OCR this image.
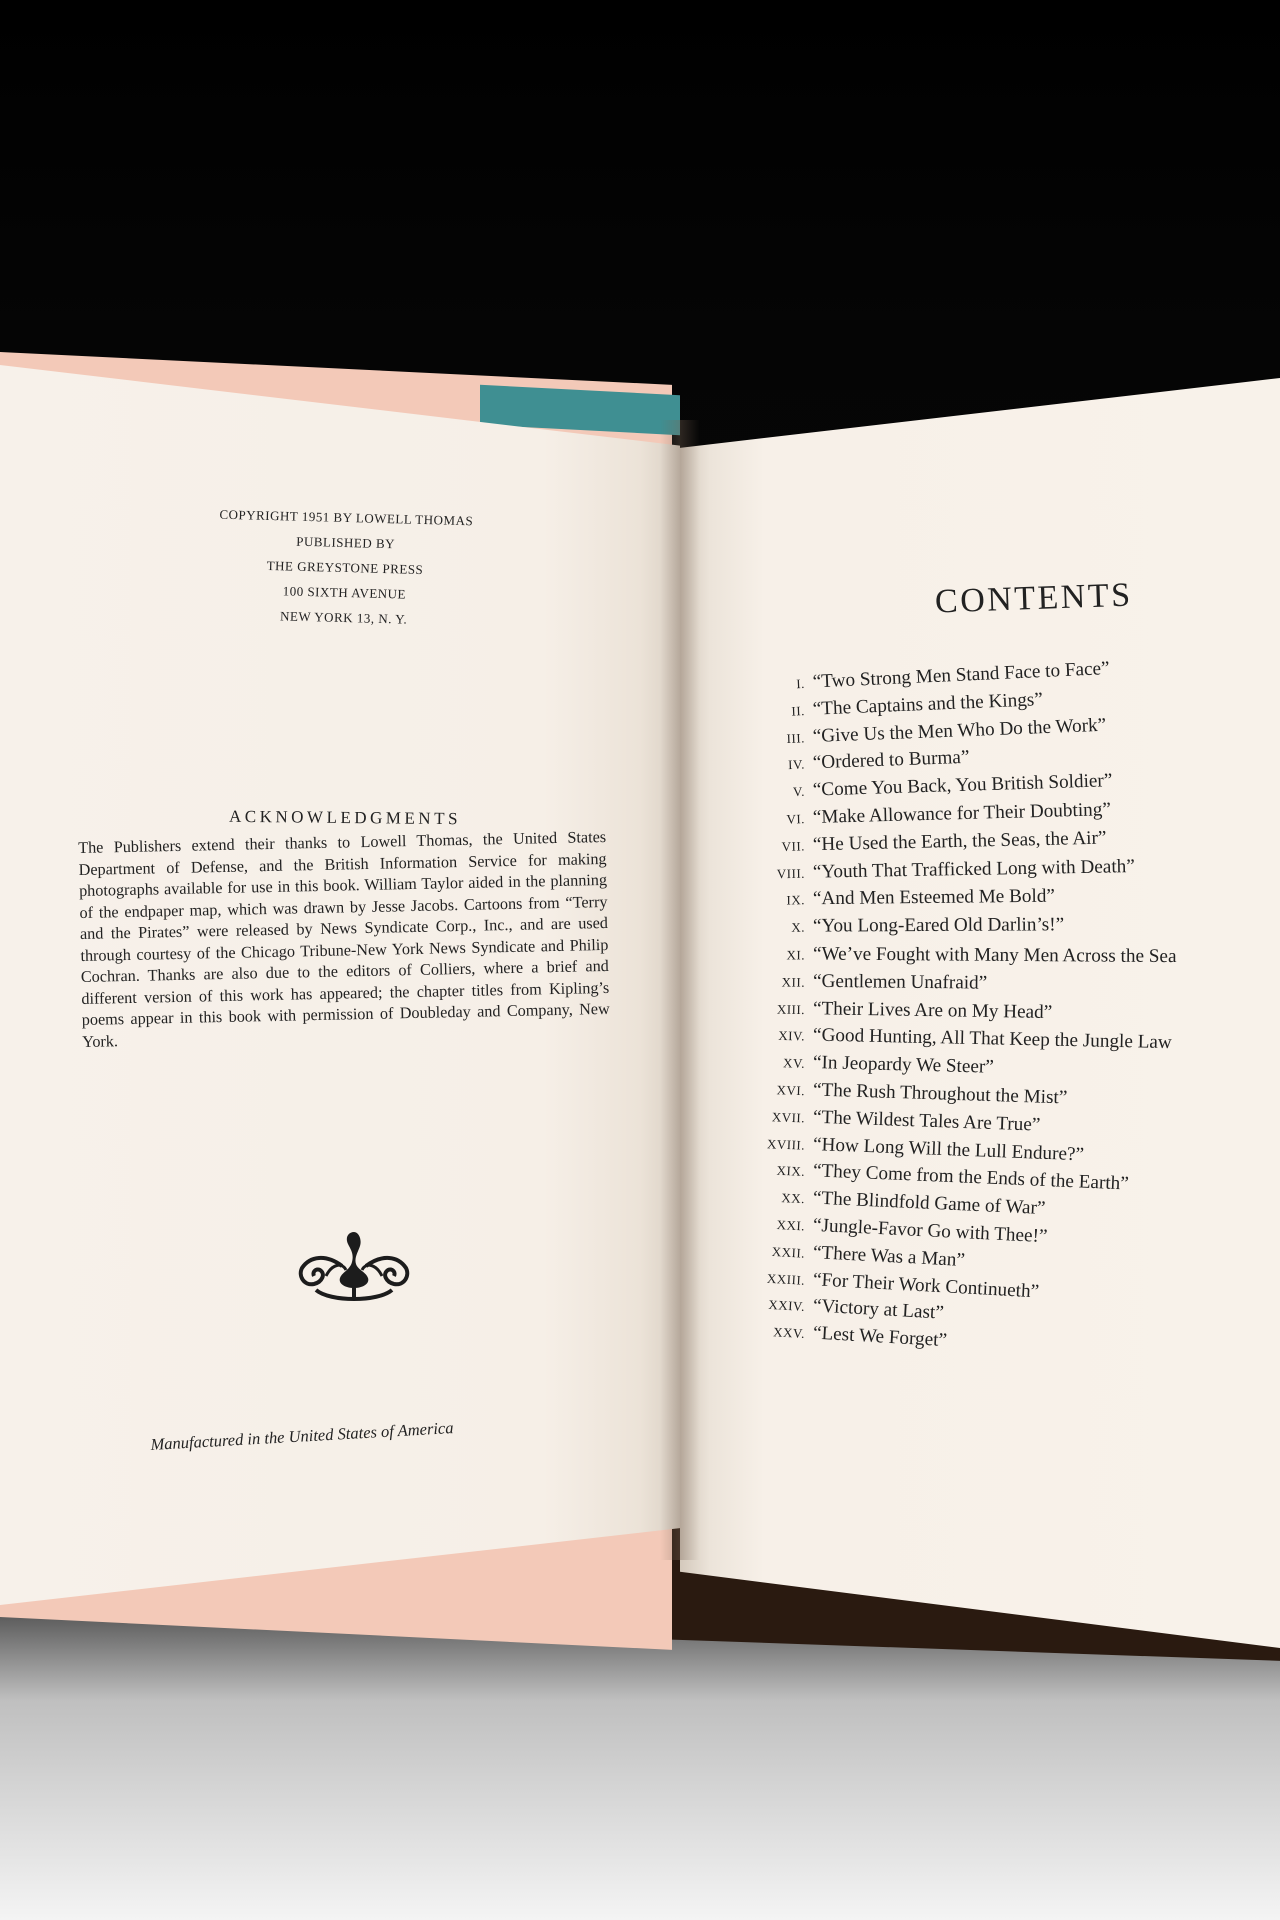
COPYRIGHT 1951 BY LOWELL THOMAS
PUBLISHED BY
THE GREYSTONE PRESS
100 SIXTH AVENUE
NEW YORK 13, N. Y.
ACKNOWLEDGMENTS
The Publishers extend their thanks to Lowell Thomas, the United States Department of Defense, and the British Information Service for making photographs available for use in this book. William Taylor aided in the planning of the endpaper map, which was drawn by Jesse Jacobs. Cartoons from “Terry and the Pirates” were released by News Syndicate Corp., Inc., and are used through courtesy of the Chicago Tribune-New York News Syndicate and Philip Cochran. Thanks are also due to the editors of Colliers, where a brief and different version of this work has appeared; the chapter titles from Kipling’s poems appear in this book with permission of Doubleday and Company, New York.
Manufactured in the United States of America
CONTENTS
I. “Two Strong Men Stand Face to Face”
II. “The Captains and the Kings”
III. “Give Us the Men Who Do the Work”
IV. “Ordered to Burma”
V. “Come You Back, You British Soldier”
VI. “Make Allowance for Their Doubting”
VII. “He Used the Earth, the Seas, the Air”
VIII. “Youth That Trafficked Long with Death”
IX. “And Men Esteemed Me Bold”
X. “You Long-Eared Old Darlin’s!”
XI. “We’ve Fought with Many Men Across the Sea
XII. “Gentlemen Unafraid”
XIII. “Their Lives Are on My Head”
XIV. “Good Hunting, All That Keep the Jungle Law
XV. “In Jeopardy We Steer”
XVI. “The Rush Throughout the Mist”
XVII. “The Wildest Tales Are True”
XVIII. “How Long Will the Lull Endure?”
XIX. “They Come from the Ends of the Earth”
XX. “The Blindfold Game of War”
XXI. “Jungle-Favor Go with Thee!”
XXII. “There Was a Man”
XXIII. “For Their Work Continueth”
XXIV. “Victory at Last”
XXV. “Lest We Forget”
